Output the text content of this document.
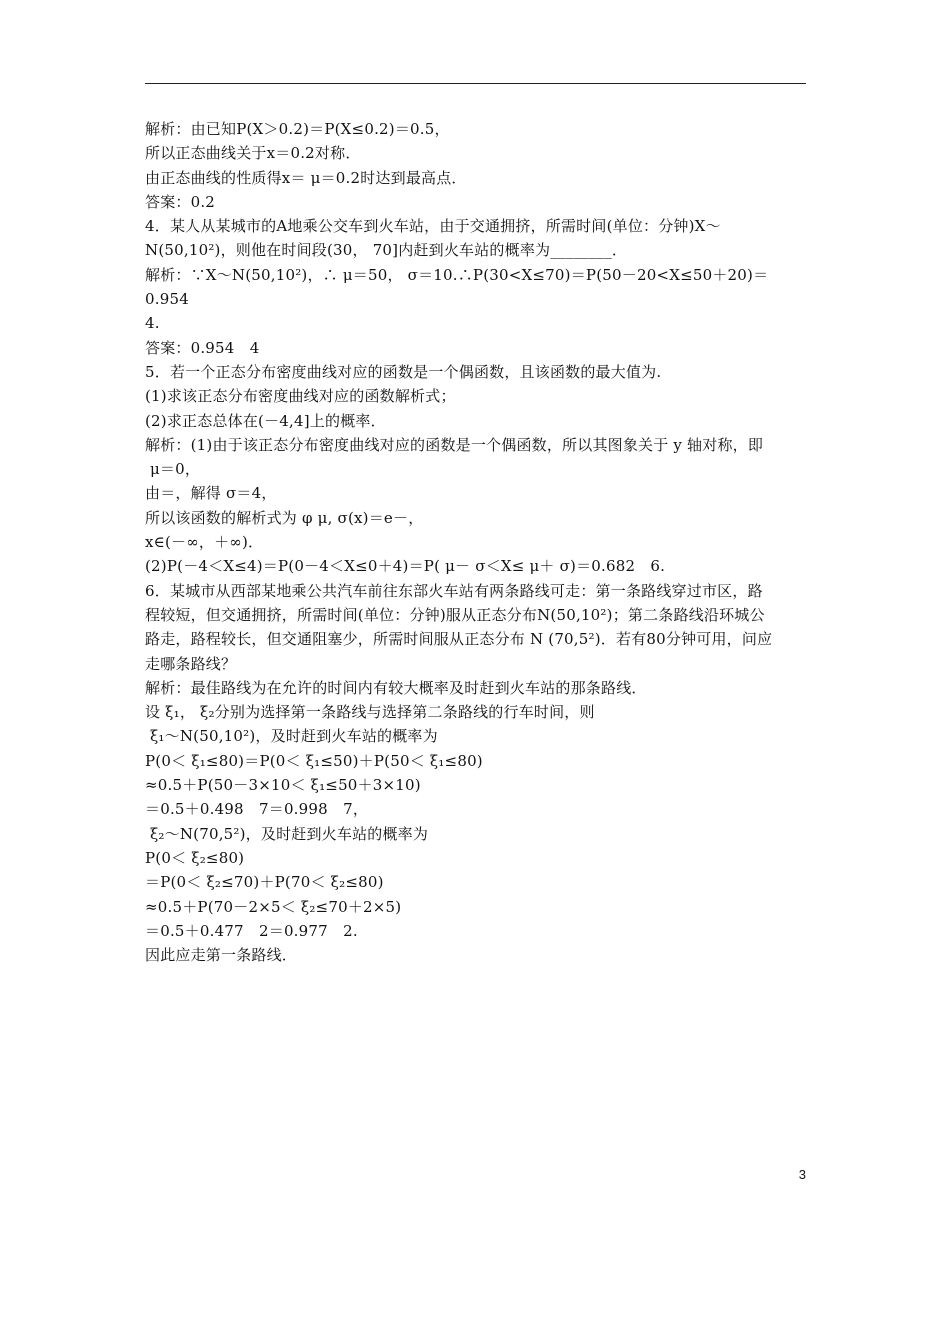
解析：由已知P(X＞0.2)＝P(X≤0.2)＝0.5，
所以正态曲线关于x＝0.2对称．
由正态曲线的性质得x＝ μ＝0.2时达到最高点．
答案：0.2
4．某人从某城市的A地乘公交车到火车站，由于交通拥挤，所需时间(单位：分钟)X～
N(50,10²)，则他在时间段(30， 70]内赶到火车站的概率为________．
解析：∵X～N(50,10²)，∴ μ＝50， σ＝10.∴P(30<X≤70)＝P(50－20<X≤50＋20)＝0.954
4.
答案：0.954　4
5．若一个正态分布密度曲线对应的函数是一个偶函数，且该函数的最大值为.
(1)求该正态分布密度曲线对应的函数解析式；
(2)求正态总体在(－4,4]上的概率．
解析：(1)由于该正态分布密度曲线对应的函数是一个偶函数，所以其图象关于 y 轴对称，即
μ＝0，
由＝，解得 σ＝4，
所以该函数的解析式为 φ μ, σ(x)＝e－，
x∈(－∞，＋∞)．
(2)P(－4＜X≤4)＝P(0－4＜X≤0＋4)＝P( μ－ σ＜X≤ μ＋ σ)＝0.682　6.
6．某城市从西部某地乘公共汽车前往东部火车站有两条路线可走：第一条路线穿过市区，路
程较短，但交通拥挤，所需时间(单位：分钟)服从正态分布N(50,10²)；第二条路线沿环城公
路走，路程较长，但交通阻塞少，所需时间服从正态分布 N (70,5²)．若有80分钟可用，问应
走哪条路线？
解析：最佳路线为在允许的时间内有较大概率及时赶到火车站的那条路线．
设 ξ₁， ξ₂分别为选择第一条路线与选择第二条路线的行车时间，则
ξ₁～N(50,10²)，及时赶到火车站的概率为
P(0＜ ξ₁≤80)＝P(0＜ ξ₁≤50)＋P(50＜ ξ₁≤80)
≈0.5＋P(50－3×10＜ ξ₁≤50＋3×10)
＝0.5＋0.498　7＝0.998　7，
ξ₂～N(70,5²)，及时赶到火车站的概率为
P(0＜ ξ₂≤80)
＝P(0＜ ξ₂≤70)＋P(70＜ ξ₂≤80)
≈0.5＋P(70－2×5＜ ξ₂≤70＋2×5)
＝0.5＋0.477　2＝0.977　2.
因此应走第一条路线．
3
